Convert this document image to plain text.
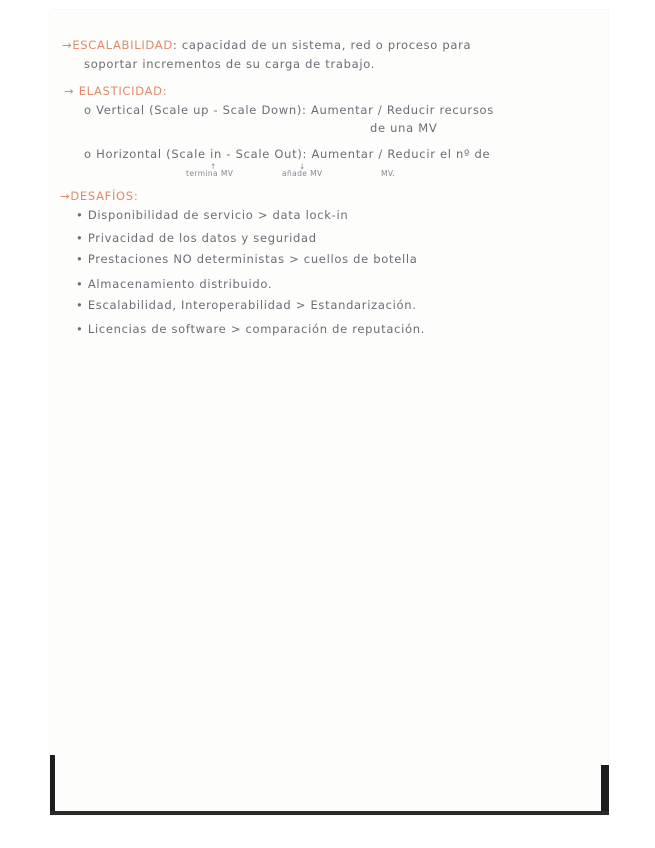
→ESCALABILIDAD: capacidad de un sistema, red o proceso para
soportar incrementos de su carga de trabajo.
→ ELASTICIDAD:
o Vertical (Scale up - Scale Down): Aumentar / Reducir recursos
de una MV
o Horizontal (Scale in - Scale Out): Aumentar / Reducir el nº de
↑
termina MV
↓
añade MV	MV.
→DESAFÍOS:
• Disponibilidad de servicio > data lock-in
• Privacidad de los datos y seguridad
• Prestaciones NO deterministas > cuellos de botella
• Almacenamiento distribuido.
• Escalabilidad, Interoperabilidad > Estandarización.
• Licencias de software > comparación de reputación.
